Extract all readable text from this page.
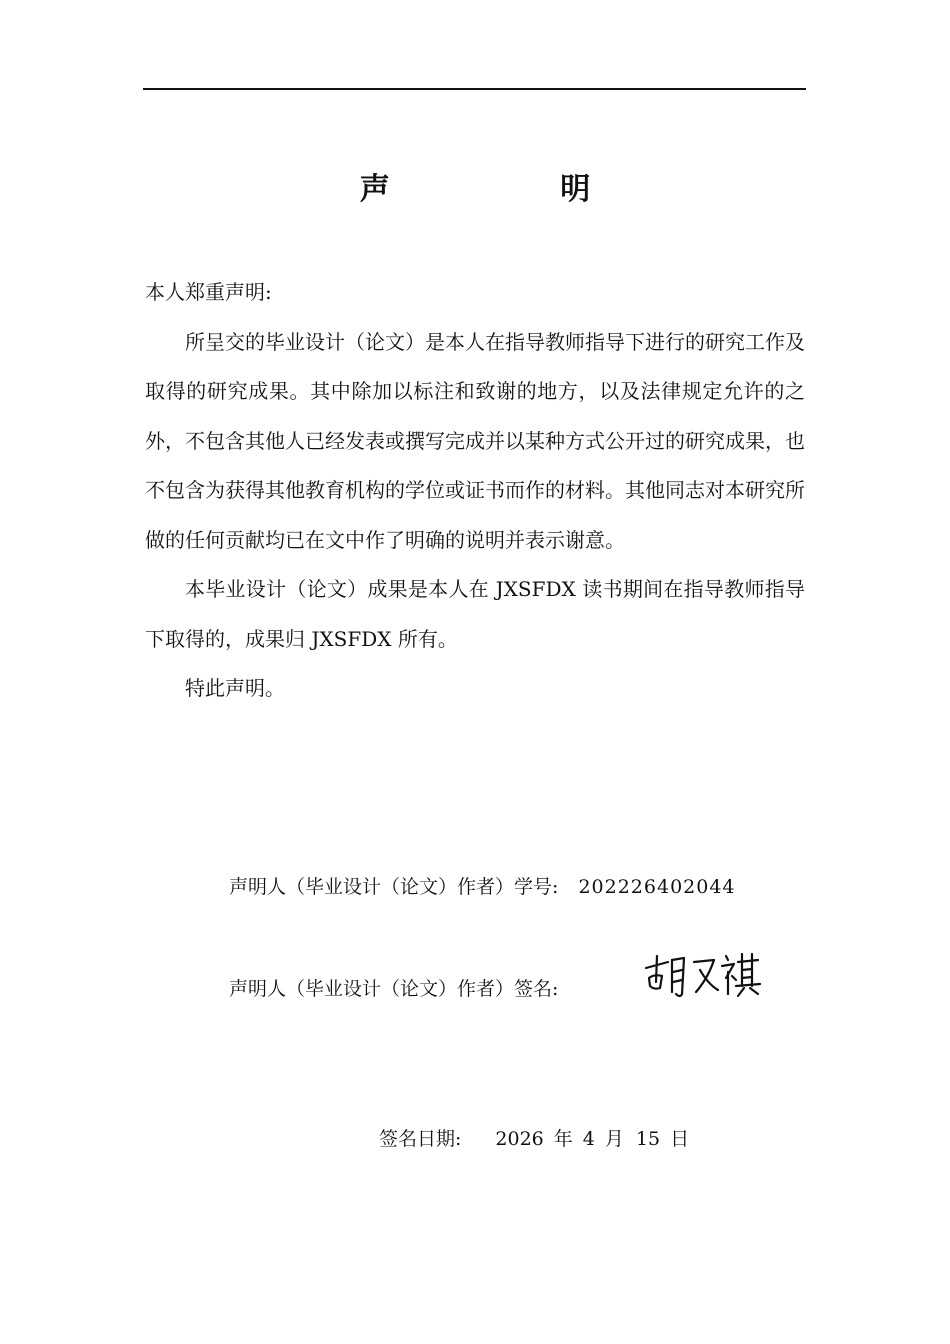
声 明

本人郑重声明:

所呈交的毕业设计（论文）是本人在指导教师指导下进行的研究工作及取得的研究成果。其中除加以标注和致谢的地方，以及法律规定允许的之外，不包含其他人已经发表或撰写完成并以某种方式公开过的研究成果，也不包含为获得其他教育机构的学位或证书而作的材料。其他同志对本研究所做的任何贡献均已在文中作了明确的说明并表示谢意。

本毕业设计（论文）成果是本人在 JXSFDX 读书期间在指导教师指导下取得的，成果归 JXSFDX 所有。

特此声明。

声明人（毕业设计（论文）作者）学号: 202226402044
声明人（毕业设计（论文）作者）签名:
签名日期: 2026 年 4 月 15 日
